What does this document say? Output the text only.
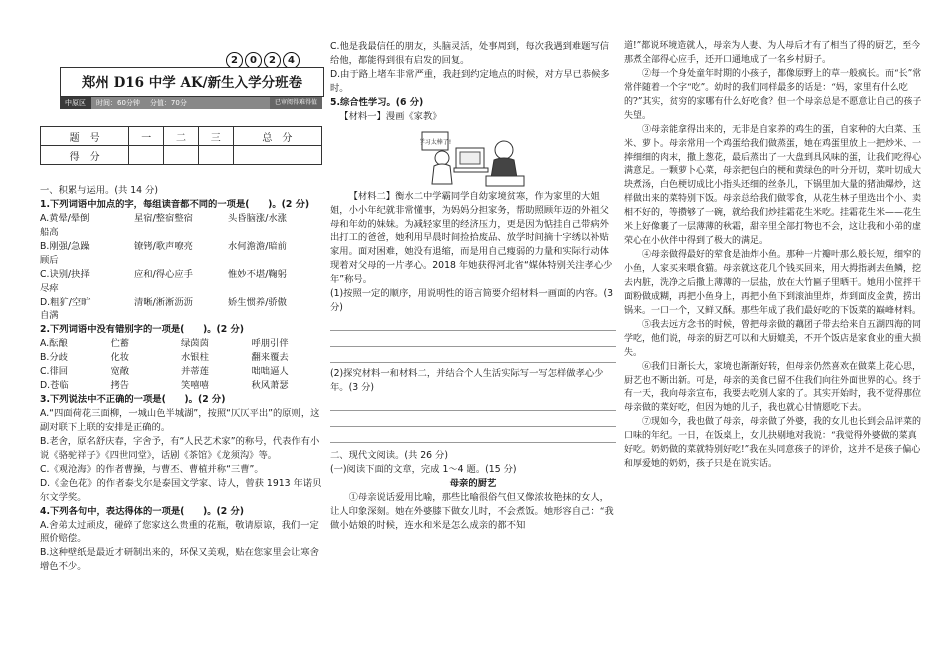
2	0	2	4
郑州 D16 中学 AK/新生入学分班卷
中原区	时间：60分钟	分值：70分	已审阅得难得值
题　号	一	二	三	总　分
得　分				

一、积累与运用。(共 14 分)

1.下列词语中加点的字，每组读音都不同的一项是(　　)。(2 分)

A.黄晕/晕倒	星宿/整宿整宿	头昏脑涨/水涨

船高

B.刚强/急躁	镣铐/歌声嘹亮	水何澹澹/暗前

顾后

C.诀别/抉择	应和/得心应手	惟妙不堪/鞠躬

尽瘁

D.粗犷/空旷	清晰/淅淅沥沥	娇生惯养/骄傲

自满

2.下列词语中没有错别字的一项是(　　)。(2 分)

A.酝酿	伫蓄	绿茵茵	呼朋引伴
B.分歧	化妆	水银柱	翻来覆去
C.徘回	宽敞	并蒂莲	咄咄逼人
D.苍临	拷告	笑嘻嘻	秋风萧瑟

3.下列说法中不正确的一项是(　　)。(2 分)

A.“四面荷花三面柳，一城山色半城湖”，按照“仄仄平出”的原则，这副对联下上联的安排是正确的。

B.老舍，原名舒庆春，字舍予，有“人民艺术家”的称号，代表作有小说《骆驼祥子》《四世同堂》，话剧《茶馆》《龙须沟》等。

C.《观沧海》的作者曹操，与曹丕、曹植并称“三曹”。

D.《金色花》的作者泰戈尔是泰国文学家、诗人，曾获 1913 年诺贝尔文学奖。

4.下列各句中，表达得体的一项是(　　)。(2 分)

A.舍弟太过顽皮，碰碎了您家这么贵重的花瓶，敬请原谅，我们一定照价赔偿。

B.这种壁纸是最近才研制出来的，环保又美观，贴在您家里会让寒舍增色不少。

C.他是我最信任的朋友，头脑灵活，处事周到，每次我遇到难题写信给他，都能得到很有启发的回复。

D.由于路上堵车非常严重，我赶到约定地点的时候，对方早已恭候多时。

5.综合性学习。(6 分)

【材料一】漫画《家教》

学习太棒了!

【材料二】衡水二中学霸同学自幼家境贫寒，作为家里的大姐姐，小小年纪就非常懂事，为妈妈分担家务，帮助照顾年迈的外祖父母和年幼的妹妹。为减轻家里的经济压力，更是因为惦挂自己带病外出打工的爸爸，她利用早晨时间捡拾废品、放学时间摘十字绣以补贴家用。面对困难，她没有退缩，而是用自己瘦弱的力量和实际行动体现着对父母的一片孝心。2018 年她获得河北省“媒体特别关注孝心少年”称号。

(1)按照一定的顺序，用说明性的语言简要介绍材料一画面的内容。(3 分)

(2)探究材料一和材料二，并结合个人生活实际写一写怎样做孝心少年。(3 分)

二、现代文阅读。(共 26 分)

(一)阅读下面的文章，完成 1～4 题。(15 分)

母亲的厨艺

①母亲说话爱用比喻，那些比喻很俗气但又像浓妆艳抹的女人，让人印象深刻。她在外婆膝下做女儿时，不会煮饭。她形容自己：“我做小姑娘的时候，连水和米是怎么成亲的都不知

道!”都说环境造就人，母亲为人妻、为人母后才有了相当了得的厨艺，至今那煮全部得心应手，还开口通地成了一名乡村厨子。

②每一个身处童年时期的小孩子，都像原野上的草一般疯长。而“长”常常伴随着一个字“吃”。幼时的我们同样最多的话是：“妈，家里有什么吃的?”其实，贫穷的家哪有什么好吃食？但一个母亲总是不愿意让自己的孩子失望。

③母亲能拿得出来的，无非是自家养的鸡生的蛋，自家种的大白菜、玉米、萝卜。母亲常用一个鸡蛋给我们做蒸蛋，她在鸡蛋里放上一把炒米、一捧细细的肉末，撒上葱花，最后蒸出了一大盘到具风味的蛋，让我们吃得心满意足。一颗萝卜心菜，母亲把包白的梗和黄绿色的叶分开切，菜叶切成大块煮汤，白色梗切成比小指头还细的丝条儿，下锅里加大量的猪油爆炒，这样做出来的菜特别下饭。母亲总给我们做零食，从花生林子里选出个小、卖相不好的，等攒够了一碗，就给我们炒挂霜花生米吃。挂霜花生米——花生米上好像裹了一层薄薄的秋霜，甜辛里全部打物也不会，这让我和小弟的虚荣心在小伙伴中得到了极大的满足。

④母亲做得最好的荤食是油炸小鱼。那种一片瓣叶那么般长短，细窄的小鱼，人家买来喂食猫。母亲就这花几个钱买回来，用大拇指剥去鱼鳞，挖去内脏，洗净之后撒上薄薄的一层盐，放在大竹匾子里晒干。她用小筐拌干面粉做成糊，再把小鱼身上，再把小鱼下到滚油里炸，炸到面皮金黄，捞出锅来。一口一个，又鲜又酥。那些年成了我们最好吃的下饭菜的巅峰材料。

⑤我去远方念书的时候，曾把母亲做的藕团子带去给来自五湖四海的同学吃，他们说，母亲的厨艺可以和大厨媲美，不开个饭店是家食业的重大损失。

⑥我们日渐长大，家境也渐渐好转，但母亲仍然喜欢在做菜上花心思，厨艺也不断出新。可是，母亲的美食已留不住我们向往外面世界的心。终于有一天，我向母亲宣布，我要去吃别人家的了。其实开始时，我不觉得那位母亲做的菜好吃，但因为她的儿子，我也就心甘情愿吃下去。

⑦现如今，我也做了母亲，母亲做了外婆，我的女儿也长到会品评菜的口味的年纪。一日，在饭桌上，女儿抉剔地对我说：“我觉得外婆做的菜真好吃。奶奶做的菜就特别好吃!”我在头同意孩子的评价，这并不是孩子偏心和厚爱她的奶奶，孩子只是在说实话。
